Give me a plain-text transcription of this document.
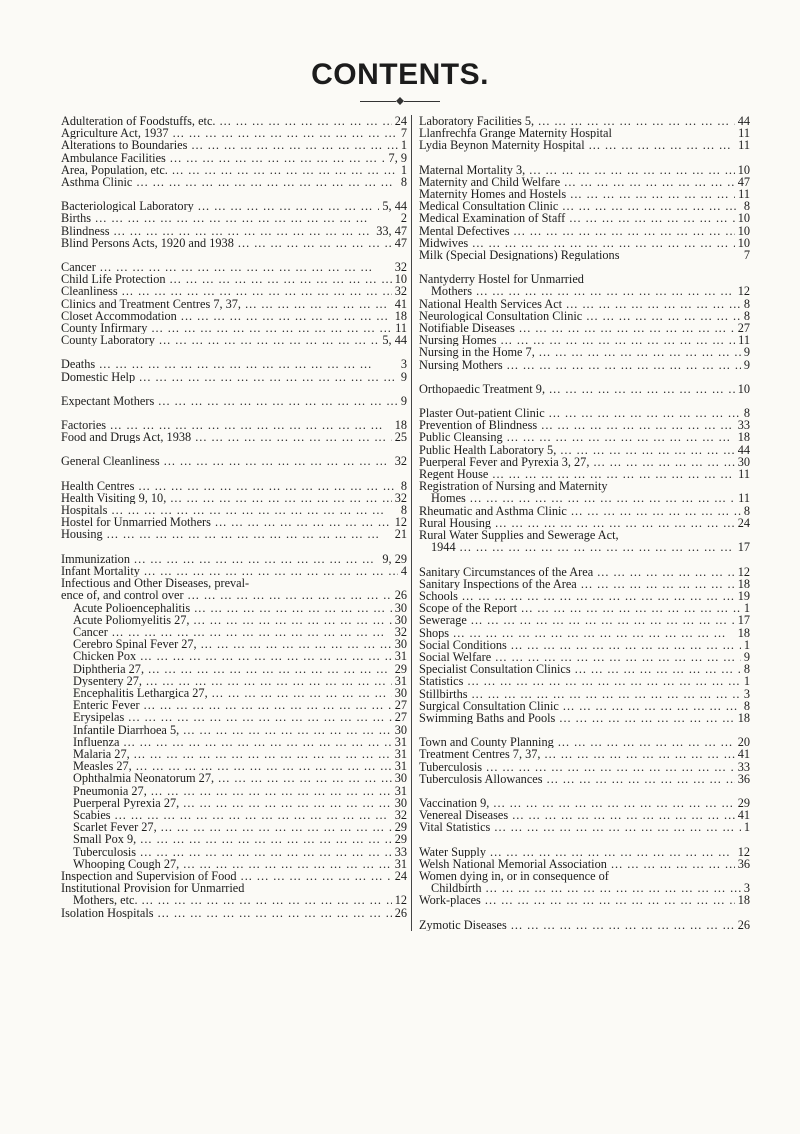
CONTENTS.
Adulteration of Foodstuffs, etc. ... .	24
Agriculture Act, 1937 ... .	7
Alterations to Boundaries ... .	1
Ambulance Facilities ... .	7, 9
Area, Population, etc. ... .	1
Asthma Clinic ... .	8
Bacteriological Laboratory ... .	5, 44
Births ... .	2
Blindness ... .	33, 47
Blind Persons Acts, 1920 and 1938 ... .	47
Cancer ... .	32
Child Life Protection ... .	10
Cleanliness ... .	32
Clinics and Treatment Centres 7, 37, ... .	41
Closet Accommodation ... .	18
County Infirmary ... .	11
County Laboratory ... .	5, 44
Deaths ... .	3
Domestic Help ... .	9
Expectant Mothers ... .	9
Factories ... .	18
Food and Drugs Act, 1938 ... .	25
General Cleanliness ... .	32
Health Centres ... .	8
Health Visiting 9, 10, ... .	32
Hospitals ... .	8
Hostel for Unmarried Mothers ... .	12
Housing ... .	21
Immunization ... .	9, 29
Infant Mortality ... .	4
Infectious and Other Diseases, preval-
ence of, and control over ... .	26
Acute Polioencephalitis ... .	30
Acute Poliomyelitis 27, ... .	30
Cancer ... .	32
Cerebro Spinal Fever 27, ... .	30
Chicken Pox ... .	31
Diphtheria 27, ... .	29
Dysentery 27, ... .	31
Encephalitis Lethargica 27, ... .	30
Enteric Fever ... .	27
Erysipelas ... .	27
Infantile Diarrhoea 5, ... .	30
Influenza ... .	31
Malaria 27, ... .	31
Measles 27, ... .	31
Ophthalmia Neonatorum 27, ... .	30
Pneumonia 27, ... .	31
Puerperal Pyrexia 27, ... .	30
Scabies ... .	32
Scarlet Fever 27, ... .	29
Small Pox 9, ... .	29
Tuberculosis ... .	33
Whooping Cough 27, ... .	31
Inspection and Supervision of Food ... .	24
Institutional Provision for Unmarried
Mothers, etc. ... .	12
Isolation Hospitals ... .	26
Laboratory Facilities 5, ... .	44
Llanfrechfa Grange Maternity Hospital	11
Lydia Beynon Maternity Hospital ... .	11
Maternal Mortality 3, ... .	10
Maternity and Child Welfare ... .	47
Maternity Homes and Hostels ... .	11
Medical Consultation Clinic ... .	8
Medical Examination of Staff ... .	10
Mental Defectives ... .	10
Midwives ... .	10
Milk (Special Designations) Regulations	7
Nantyderry Hostel for Unmarried
Mothers ... .	12
National Health Services Act ... .	8
Neurological Consultation Clinic ... .	8
Notifiable Diseases ... .	27
Nursing Homes ... .	11
Nursing in the Home 7, ... .	9
Nursing Mothers ... .	9
Orthopaedic Treatment 9, ... .	10
Plaster Out-patient Clinic ... .	8
Prevention of Blindness ... .	33
Public Cleansing ... .	18
Public Health Laboratory 5, ... .	44
Puerperal Fever and Pyrexia 3, 27, ... .	30
Regent House ... .	11
Registration of Nursing and Maternity
Homes ... .	11
Rheumatic and Asthma Clinic ... .	8
Rural Housing ... .	24
Rural Water Supplies and Sewerage Act,
1944 ... .	17
Sanitary Circumstances of the Area ... .	12
Sanitary Inspections of the Area ... .	18
Schools ... .	19
Scope of the Report ... .	1
Sewerage ... .	17
Shops ... .	18
Social Conditions ... .	1
Social Welfare ... .	9
Specialist Consultation Clinics ... .	8
Statistics ... .	1
Stillbirths ... .	3
Surgical Consultation Clinic ... .	8
Swimming Baths and Pools ... .	18
Town and County Planning ... .	20
Treatment Centres 7, 37, ... .	41
Tuberculosis ... .	33
Tuberculosis Allowances ... .	36
Vaccination 9, ... .	29
Venereal Diseases ... .	41
Vital Statistics ... .	1
Water Supply ... .	12
Welsh National Memorial Association ... .	36
Women dying in, or in consequence of
Childbirth ... .	3
Work-places ... .	18
Zymotic Diseases ... .	26
